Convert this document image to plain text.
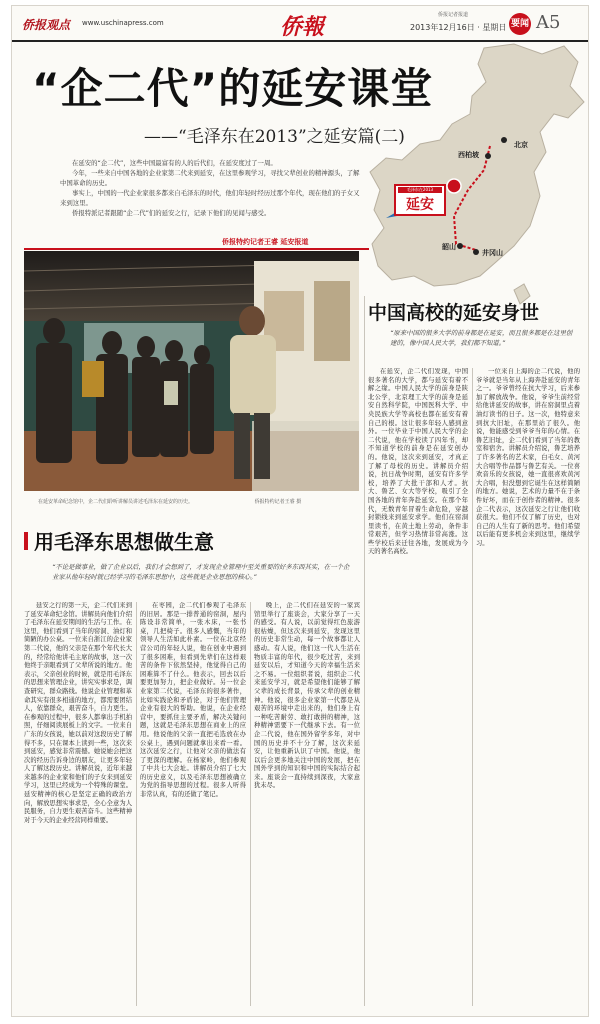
侨报观点 www.uschinapress.com	侨報	侨报记者报道
2013年12月16日 · 星期日 要闻 A5
北京
西柏坡
韶山
井冈山
毛泽东在2013
延安
“企二代”的延安课堂
——“毛泽东在2013”之延安篇(二)

在延安的“企二代”，这些中国最富有的人的后代们，在延安度过了一周。

今年，一些来自中国各地的企业家第二代来到延安，在这里参观学习，寻找父辈创业的精神源头，了解中国革命的历史。

事实上，中国的一代企业家很多都来自毛泽东的时代，他们年轻时经历过那个年代，现在他们的子女又来到这里。

侨报特派记者跟随“企二代”们的延安之行，记录下他们的见闻与感受。

侨报特约记者王睿 延安报道
在延安革命纪念馆中，企二代们聆听讲解员讲述毛泽东在延安的历史。	侨报特约记者王睿 摄
用毛泽东思想做生意
“不论是做事业，做了企业以后，我们才会想到了，才发现企业管理中至关重要的好多东西其实，在一个企业家从他年轻时就已经学习的毛泽东思想中，这些就是企业思想的核心。”
中国高校的延安身世
“原来中国的很多大学的前身都是在延安，而且很多都是在这里创建的，像中国人民大学，我们都不知道。”

延安之行的第一天，企二代们来到了延安革命纪念馆。讲解员向他们介绍了毛泽东在延安期间的生活与工作。在这里，他们看到了当年的窑洞、油灯和简陋的办公桌。一位来自浙江的企业家第二代说，他的父亲是在那个年代长大的，经常给他讲毛主席的故事，这一次他终于亲眼看到了父辈所说的地方。他表示，父亲创业的时候，就是用毛泽东的思想来管理企业，讲究实事求是，调查研究，群众路线。他说企业管理和革命其实有很多相通的地方，都需要团结人，依靠群众，艰苦奋斗，自力更生。在参观的过程中，很多人都拿出手机拍照，仔细阅读展板上的文字。一位来自广东的女孩说，她以前对这段历史了解得不多，只在课本上读到一些，这次来到延安，感觉非常震撼。她说她会把这次的经历告诉身边的朋友，让更多年轻人了解这段历史。讲解员说，近年来越来越多的企业家和他们的子女来到延安学习，这里已经成为一个特殊的课堂。延安精神的核心是坚定正确的政治方向，解放思想实事求是，全心全意为人民服务，自力更生艰苦奋斗。这些精神对于今天的企业经营同样重要。

在枣园，企二代们参观了毛泽东的旧居。那是一排普通的窑洞，屋内陈设非常简单，一张木床，一张书桌，几把椅子。很多人感慨，当年的领导人生活如此朴素。一位在北京经营公司的年轻人说，他在创业中遇到了很多困难，但看到先辈们在这样艰苦的条件下依然坚持，他觉得自己的困难算不了什么。他表示，回去以后要更加努力，把企业做好。另一位企业家第二代说，毛泽东的很多著作，比如实践论和矛盾论，对于他们管理企业有很大的帮助。他说，在企业经营中，要抓住主要矛盾，解决关键问题，这就是毛泽东思想在商业上的应用。他说他的父亲一直把毛选放在办公桌上，遇到问题就拿出来看一看。这次延安之行，让他对父亲的做法有了更深的理解。在杨家岭，他们参观了中共七大会址。讲解员介绍了七大的历史意义，以及毛泽东思想被确立为党的指导思想的过程。很多人听得非常认真，有的还做了笔记。

晚上，企二代们在延安的一家宾馆里举行了座谈会，大家分享了一天的感受。有人说，以前觉得红色旅游很枯燥，但这次来到延安，发现这里的历史非常生动，每一个故事都让人感动。有人说，他们这一代人生活在物质丰富的年代，很少吃过苦，来到延安以后，才知道今天的幸福生活来之不易。一位组织者说，组织企二代来延安学习，就是希望他们能够了解父辈的成长背景，传承父辈的创业精神。他说，很多企业家第一代都是从艰苦的环境中走出来的，他们身上有一种吃苦耐劳、敢打敢拼的精神，这种精神需要下一代继承下去。有一位企二代说，他在国外留学多年，对中国的历史并不十分了解，这次来延安，让他重新认识了中国。他说，他以后会更多地关注中国的发展，把在国外学到的知识和中国的实际结合起来。座谈会一直持续到深夜，大家意犹未尽。

在延安，企二代们发现，中国很多著名的大学，都与延安有着不解之缘。中国人民大学的前身是陕北公学，北京理工大学的前身是延安自然科学院，中国医科大学、中央民族大学等高校也都在延安有着自己的根。这让很多年轻人感到意外。一位毕业于中国人民大学的企二代说，他在学校读了四年书，却不知道学校的前身是在延安创办的。他说，这次来到延安，才真正了解了母校的历史。讲解员介绍说，抗日战争时期，延安有许多学校，培养了大批干部和人才。抗大、鲁艺、女大等学校，吸引了全国各地的青年奔赴延安。在那个年代，无数青年冒着生命危险，穿越封锁线来到延安求学。他们在窑洞里读书，在黄土地上劳动，条件非常艰苦，但学习热情非常高涨。这些学校后来迁往各地，发展成为今天的著名高校。

一位来自上海的企二代说，他的爷爷就是当年从上海奔赴延安的青年之一。爷爷曾经在抗大学习，后来参加了解放战争。他说，爷爷生前经常给他讲延安的故事，讲在窑洞里点着油灯读书的日子。这一次，他特意来到抗大旧址，在那里站了很久。他说，他能感受到爷爷当年的心情。在鲁艺旧址，企二代们看到了当年的教室和宿舍。讲解员介绍说，鲁艺培养了许多著名的艺术家，白毛女、黄河大合唱等作品都与鲁艺有关。一位喜欢音乐的女孩说，她一直很喜欢黄河大合唱，但没想到它诞生在这样简陋的地方。她说，艺术的力量不在于条件好坏，而在于创作者的精神。很多企二代表示，这次延安之行让他们收获很大。他们不仅了解了历史，也对自己的人生有了新的思考。他们希望以后能有更多机会来到这里，继续学习。
